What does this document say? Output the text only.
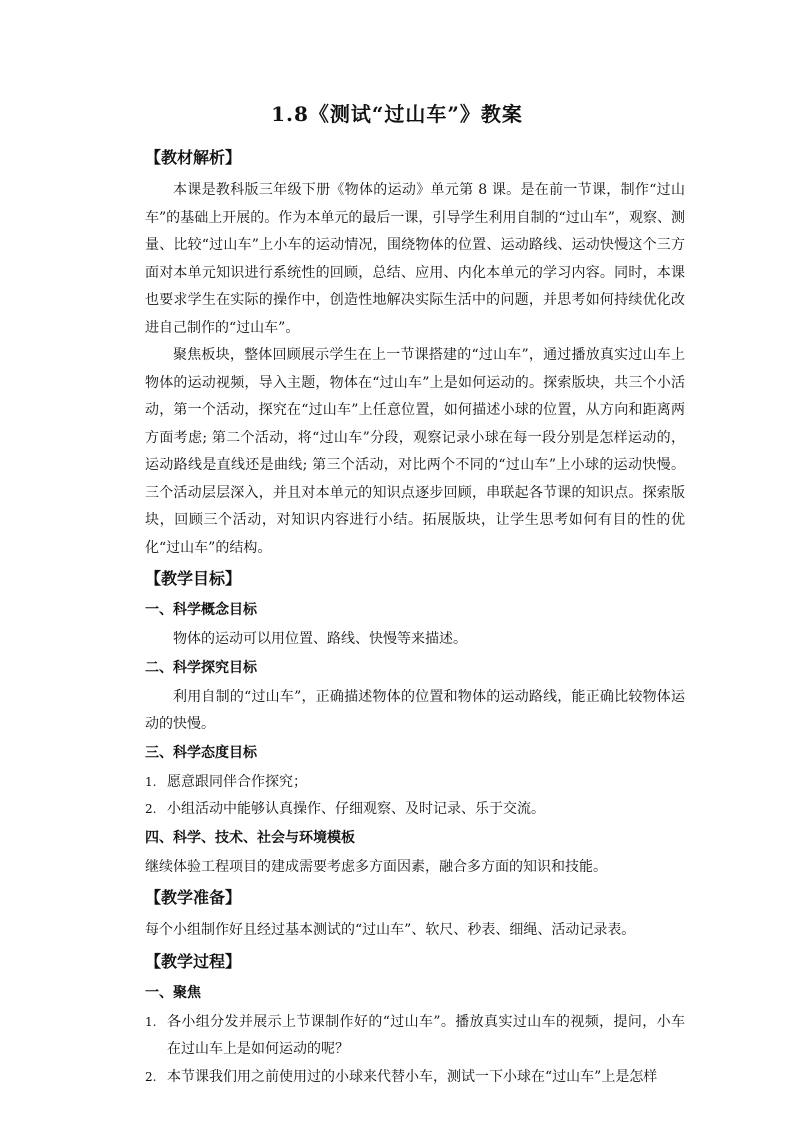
1.8《测试“过山车”》教案
【教材解析】

本课是教科版三年级下册《物体的运动》单元第 8 课。是在前一节课，制作“过山车”的基础上开展的。作为本单元的最后一课，引导学生利用自制的“过山车”，观察、测量、比较“过山车”上小车的运动情况，围绕物体的位置、运动路线、运动快慢这个三方面对本单元知识进行系统性的回顾，总结、应用、内化本单元的学习内容。同时，本课也要求学生在实际的操作中，创造性地解决实际生活中的问题，并思考如何持续优化改进自己制作的“过山车”。

聚焦板块，整体回顾展示学生在上一节课搭建的“过山车”，通过播放真实过山车上物体的运动视频，导入主题，物体在“过山车”上是如何运动的。探索版块，共三个小活动，第一个活动，探究在“过山车”上任意位置，如何描述小球的位置，从方向和距离两方面考虑; 第二个活动，将“过山车”分段，观察记录小球在每一段分别是怎样运动的，运动路线是直线还是曲线; 第三个活动，对比两个不同的“过山车”上小球的运动快慢。三个活动层层深入，并且对本单元的知识点逐步回顾，串联起各节课的知识点。探索版块，回顾三个活动，对知识内容进行小结。拓展版块，让学生思考如何有目的性的优化“过山车”的结构。

【教学目标】
一、科学概念目标

物体的运动可以用位置、路线、快慢等来描述。

二、科学探究目标

利用自制的“过山车”，正确描述物体的位置和物体的运动路线，能正确比较物体运动的快慢。

三、科学态度目标
1. 愿意跟同伴合作探究；
2. 小组活动中能够认真操作、仔细观察、及时记录、乐于交流。
四、科学、技术、社会与环境模板

继续体验工程项目的建成需要考虑多方面因素，融合多方面的知识和技能。

【教学准备】

每个小组制作好且经过基本测试的“过山车”、软尺、秒表、细绳、活动记录表。

【教学过程】
一、聚焦
1. 各小组分发并展示上节课制作好的“过山车”。播放真实过山车的视频，提问，小车在过山车上是如何运动的呢？
2. 本节课我们用之前使用过的小球来代替小车，测试一下小球在“过山车”上是怎样
